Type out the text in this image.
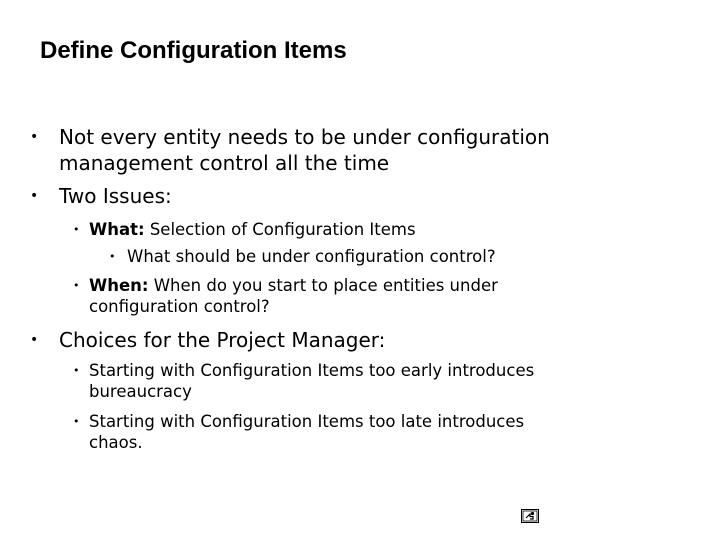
Define Configuration Items
• Not every entity needs to be under configuration
management control all the time
• Two Issues:
• What: Selection of Configuration Items
• What should be under configuration control?
• When: When do you start to place entities under
configuration control?
• Choices for the Project Manager:
• Starting with Configuration Items too early introduces
bureaucracy
• Starting with Configuration Items too late introduces
chaos.
